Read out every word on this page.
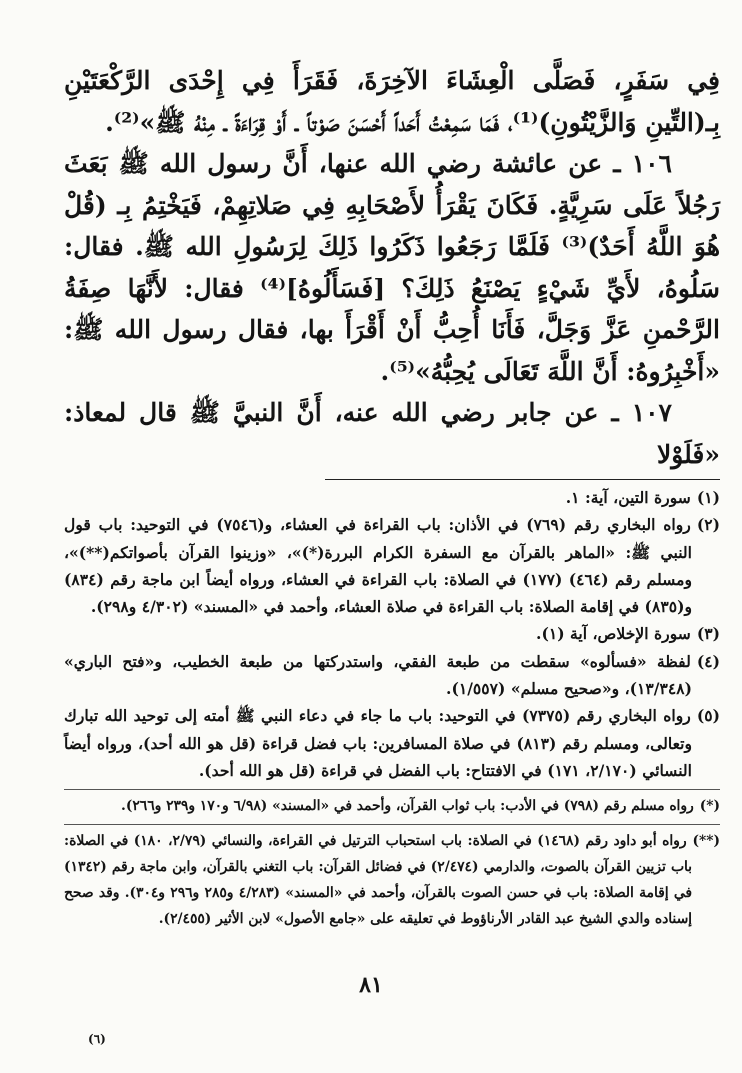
فِي سَفَرٍ، فَصَلَّى الْعِشَاءَ الآخِرَةَ، فَقَرَأَ فِي إِحْدَى الرَّكْعَتَيْنِ بِـ(التِّينِ وَالزَّيْتُونِ)⁽¹⁾، فَمَا سَمِعْتُ أَحَداً أَحْسَنَ صَوْتاً ـ أَوْ قِرَاءَةً ـ مِنْهُ ﷺ»⁽²⁾.

١٠٦ ـ عن عائشة رضي الله عنها، أَنَّ رسول الله ﷺ بَعَثَ رَجُلاً عَلَى سَرِيَّةٍ. فَكَانَ يَقْرَأُ لأَصْحَابِهِ فِي صَلاتِهِمْ، فَيَخْتِمُ بِـ (قُلْ هُوَ اللَّهُ أَحَدٌ)⁽³⁾ فَلَمَّا رَجَعُوا ذَكَرُوا ذَلِكَ لِرَسُولِ الله ﷺ. فقال: سَلُوهُ، لأَيِّ شَيْءٍ يَصْنَعُ ذَلِكَ؟ [فَسَأَلُوهُ]⁽⁴⁾ فقال: لأَنَّهَا صِفَةُ الرَّحْمنِ عَزَّ وَجَلَّ، فَأَنَا أُحِبُّ أَنْ أَقْرَأَ بها، فقال رسول الله ﷺ: «أَخْبِرُوهُ: أَنَّ اللَّهَ تَعَالَى يُحِبُّهُ»⁽⁵⁾.

١٠٧ ـ عن جابر رضي الله عنه، أَنَّ النبيَّ ﷺ قال لمعاذ: «فَلَوْلا

(١)سورة التين، آية: ١.

(٢)رواه البخاري رقم (٧٦٩) في الأذان: باب القراءة في العشاء، و(٧٥٤٦) في التوحيد: باب قول النبي ﷺ: «الماهر بالقرآن مع السفرة الكرام البررة(*)»، «وزينوا القرآن بأصواتكم(**)»، ومسلم رقم (٤٦٤) (١٧٧) في الصلاة: باب القراءة في العشاء، ورواه أيضاً ابن ماجة رقم (٨٣٤) و(٨٣٥) في إقامة الصلاة: باب القراءة في صلاة العشاء، وأحمد في «المسند» (٤/٣٠٢ و٢٩٨).

(٣)سورة الإخلاص، آية (١).

(٤)لفظة «فسألوه» سقطت من طبعة الفقي، واستدركتها من طبعة الخطيب، و«فتح الباري» (١٣/٣٤٨)، و«صحيح مسلم» (١/٥٥٧).

(٥)رواه البخاري رقم (٧٣٧٥) في التوحيد: باب ما جاء في دعاء النبي ﷺ أمته إلى توحيد الله تبارك وتعالى، ومسلم رقم (٨١٣) في صلاة المسافرين: باب فضل قراءة (قل هو الله أحد)، ورواه أيضاً النسائي (٢/١٧٠، ١٧١) في الافتتاح: باب الفضل في قراءة (قل هو الله أحد).

(*)رواه مسلم رقم (٧٩٨) في الأدب: باب ثواب القرآن، وأحمد في «المسند» (٦/٩٨ و١٧٠ و٢٣٩ و٢٦٦).

(**)رواه أبو داود رقم (١٤٦٨) في الصلاة: باب استحباب الترتيل في القراءة، والنسائي (٢/٧٩، ١٨٠) في الصلاة: باب تزيين القرآن بالصوت، والدارمي (٢/٤٧٤) في فضائل القرآن: باب التغني بالقرآن، وابن ماجة رقم (١٣٤٢) في إقامة الصلاة: باب في حسن الصوت بالقرآن، وأحمد في «المسند» (٤/٢٨٣ و٢٨٥ و٢٩٦ و٣٠٤). وقد صحح إسناده والدي الشيخ عبد القادر الأرناؤوط في تعليقه على «جامع الأصول» لابن الأثير (٢/٤٥٥).

٨١
(٦)
